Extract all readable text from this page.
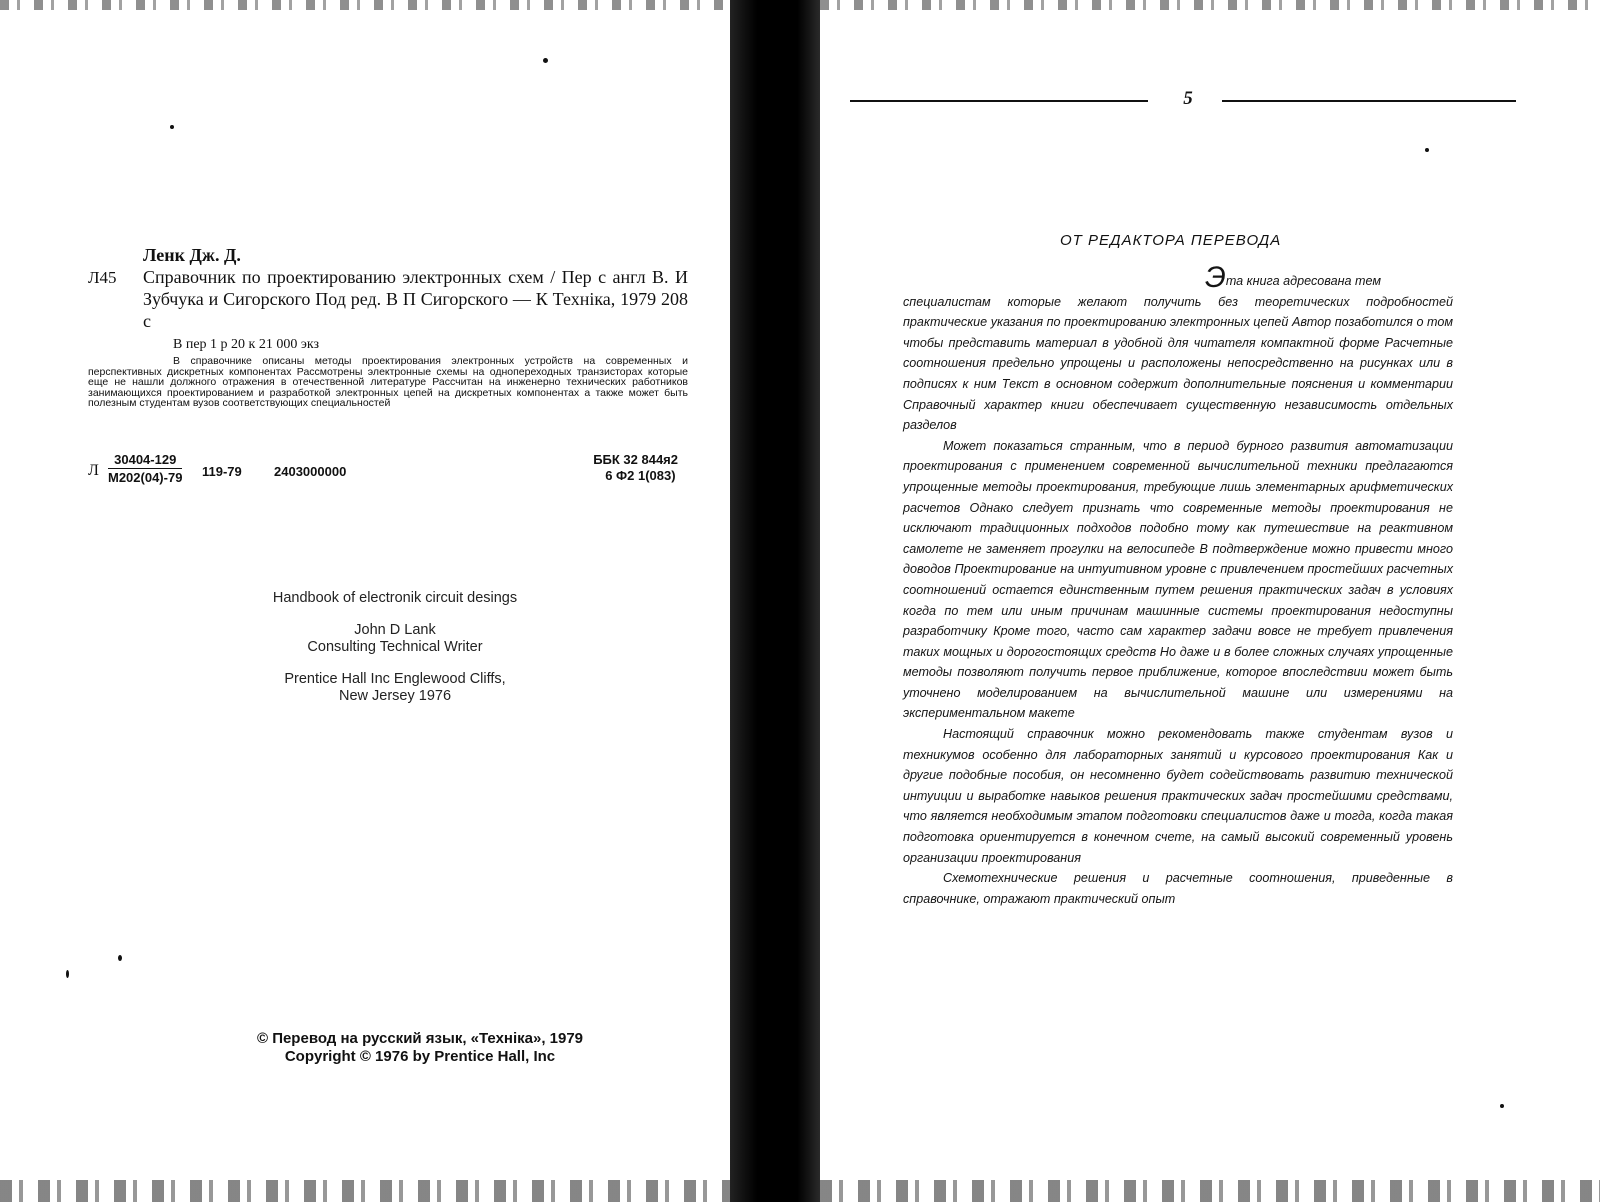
Ленк Дж. Д.
Л45 Справочник по проектированию электронных схем / Пер с англ В. И Зубчука и Сигорского Под ред. В П Сигорского — К Технiка, 1979 208 с
В пер 1 р 20 к 21 000 экз
В справочнике описаны методы проектирования электронных устройств на современных и перспективных дискретных компонентах Рассмотрены электронные схемы на однопереходных транзисторах которые еще не нашли должного отражения в отечественной литературе Рассчитан на инженерно технических работников занимающихся проектированием и разработкой электронных цепей на дискретных компонентах а также может быть полезным студентам вузов соответствующих специальностей
Л
30404-129
М202(04)-79 119-79 2403000000
ББК 32 844я2
6 Ф2 1(083)

Handbook of electronik circuit desings

John D Lank

Consulting Technical Writer

Prentice Hall Inc Englewood Cliffs,

New Jersey 1976

© Перевод на русский язык, «Технiка», 1979
Copyright © 1976 by Prentice Hall, Inc
5
ОТ РЕДАКТОРА ПЕРЕВОДА
Эта книга адресована тем

специалистам которые желают получить без теоретических подробностей практические указания по проектированию электронных цепей Автор позаботился о том чтобы представить материал в удобной для читателя компактной форме Расчетные соотношения предельно упрощены и расположены непосредственно на рисунках или в подписях к ним Текст в основном содержит дополнительные пояснения и комментарии Справочный характер книги обеспечивает существенную независимость отдельных разделов

Может показаться странным, что в период бурного развития автоматизации проектирования с применением современной вычислительной техники предлагаются упрощенные методы проектирования, требующие лишь элементарных арифметических расчетов Однако следует признать что современные методы проектирования не исключают традиционных подходов подобно тому как путешествие на реактивном самолете не заменяет прогулки на велосипеде В подтверждение можно привести много доводов Проектирование на интуитивном уровне с привлечением простейших расчетных соотношений остается единственным путем решения практических задач в условиях когда по тем или иным причинам машинные системы проектирования недоступны разработчику Кроме того, часто сам характер задачи вовсе не требует привлечения таких мощных и дорогостоящих средств Но даже и в более сложных случаях упрощенные методы позволяют получить первое приближение, которое впоследствии может быть уточнено моделированием на вычислительной машине или измерениями на экспериментальном макете

Настоящий справочник можно рекомендовать также студентам вузов и техникумов особенно для лабораторных занятий и курсового проектирования Как и другие подобные пособия, он несомненно будет содействовать развитию технической интуиции и выработке навыков решения практических задач простейшими средствами, что является необходимым этапом подготовки специалистов даже и тогда, когда такая подготовка ориентируется в конечном счете, на самый высокий современный уровень организации проектирования

Схемотехнические решения и расчетные соотношения, приведенные в справочнике, отражают практический опыт
